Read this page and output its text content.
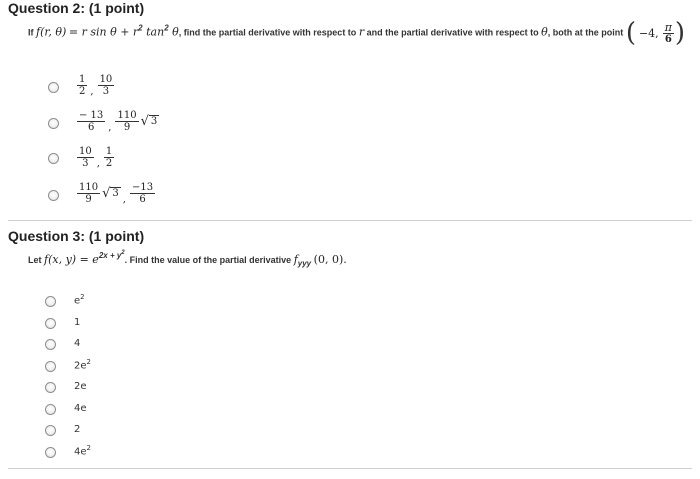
Question 2: (1 point)
If f(r, θ) = r sin θ + r2 tan2 θ, find the partial derivative with respect to r and the partial derivative with respect to θ, both at the point ( −4, $\frac{\pi}{6}$ )
$\frac{1}{2}$ , $\frac{10}{3}$
$\frac{- 13}{6}$ , $\frac{110}{9}$ √ 3
$\frac{10}{3}$ , $\frac{1}{2}$
$\frac{110}{9}$ √ 3
, $\frac{-13}{6}$
Question 3: (1 point)
Let f(x, $y) = e2x + y^2$. Find the value of the partial derivative fyyy (0, 0).
$e^2$
1
4
$2e^2$
2e
4e
2
$4e^2$
